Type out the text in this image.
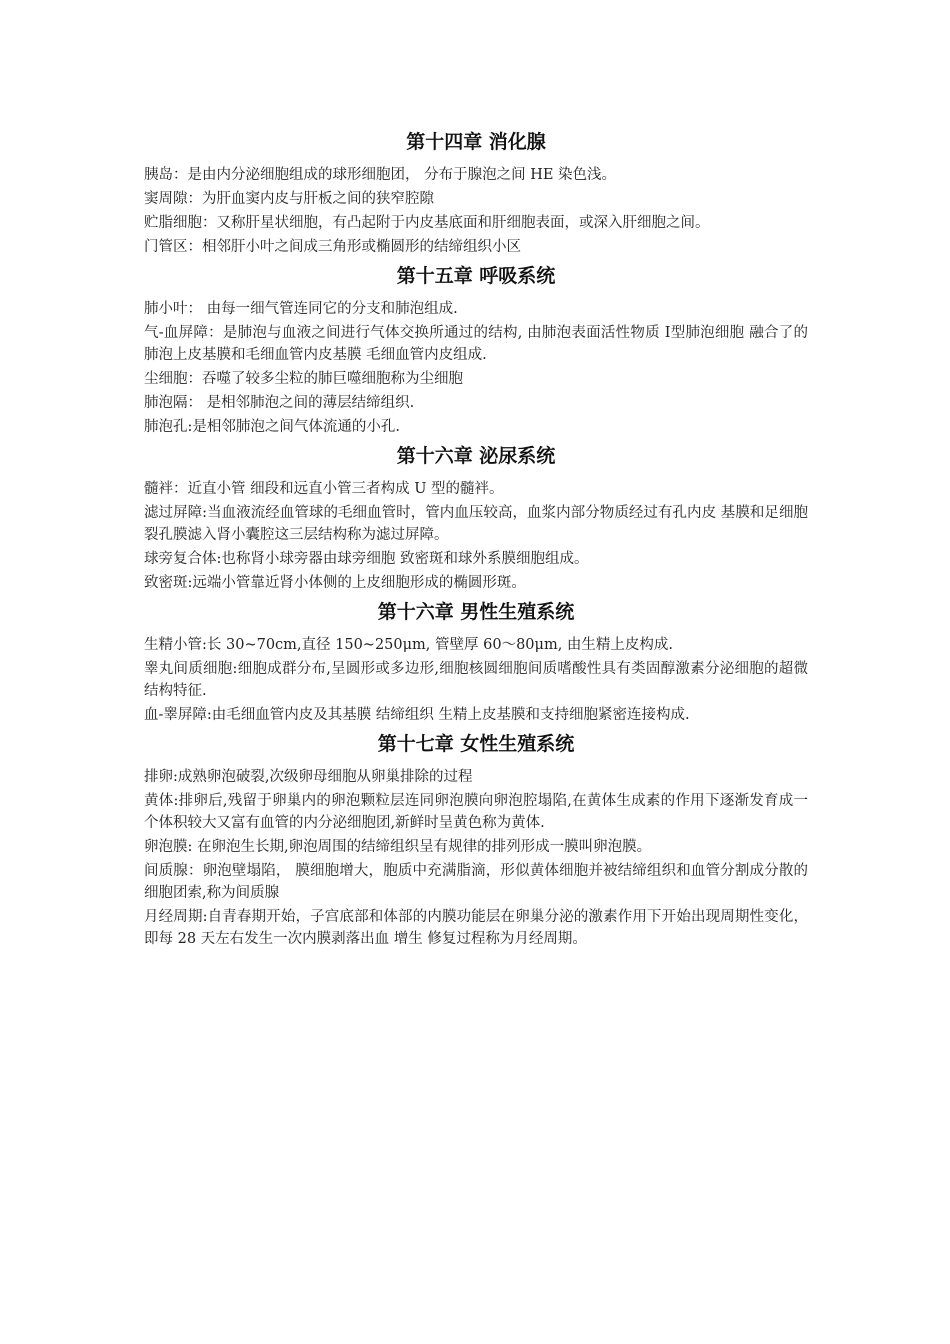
第十四章 消化腺

胰岛：是由内分泌细胞组成的球形细胞团， 分布于腺泡之间 HE 染色浅。

窦周隙：为肝血窦内皮与肝板之间的狭窄腔隙

贮脂细胞：又称肝星状细胞，有凸起附于内皮基底面和肝细胞表面，或深入肝细胞之间。

门管区：相邻肝小叶之间成三角形或椭圆形的结缔组织小区

第十五章 呼吸系统

肺小叶： 由每一细气管连同它的分支和肺泡组成.

气-血屏障：是肺泡与血液之间进行气体交换所通过的结构, 由肺泡表面活性物质 Ⅰ型肺泡细胞 融合了的肺泡上皮基膜和毛细血管内皮基膜 毛细血管内皮组成.

尘细胞：吞噬了较多尘粒的肺巨噬细胞称为尘细胞

肺泡隔： 是相邻肺泡之间的薄层结缔组织.

肺泡孔:是相邻肺泡之间气体流通的小孔.

第十六章 泌尿系统

髓袢：近直小管 细段和远直小管三者构成 U 型的髓袢。

滤过屏障:当血液流经血管球的毛细血管时，管内血压较高，血浆内部分物质经过有孔内皮 基膜和足细胞裂孔膜滤入肾小囊腔这三层结构称为滤过屏障。

球旁复合体:也称肾小球旁器由球旁细胞 致密斑和球外系膜细胞组成。

致密斑:远端小管靠近肾小体侧的上皮细胞形成的椭圆形斑。

第十六章 男性生殖系统

生精小管:长 30~70cm,直径 150~250μm, 管壁厚 60～80μm, 由生精上皮构成.

睾丸间质细胞:细胞成群分布,呈圆形或多边形,细胞核圆细胞间质嗜酸性具有类固醇激素分泌细胞的超微结构特征.

血-睾屏障:由毛细血管内皮及其基膜 结缔组织 生精上皮基膜和支持细胞紧密连接构成.

第十七章 女性生殖系统

排卵:成熟卵泡破裂,次级卵母细胞从卵巢排除的过程

黄体:排卵后,残留于卵巢内的卵泡颗粒层连同卵泡膜向卵泡腔塌陷,在黄体生成素的作用下逐渐发育成一个体积较大又富有血管的内分泌细胞团,新鲜时呈黄色称为黄体.

卵泡膜: 在卵泡生长期,卵泡周围的结缔组织呈有规律的排列形成一膜叫卵泡膜。

间质腺：卵泡壁塌陷， 膜细胞增大，胞质中充满脂滴，形似黄体细胞并被结缔组织和血管分割成分散的细胞团索,称为间质腺

月经周期:自青春期开始，子宫底部和体部的内膜功能层在卵巢分泌的激素作用下开始出现周期性变化，即每 28 天左右发生一次内膜剥落出血 增生 修复过程称为月经周期。
